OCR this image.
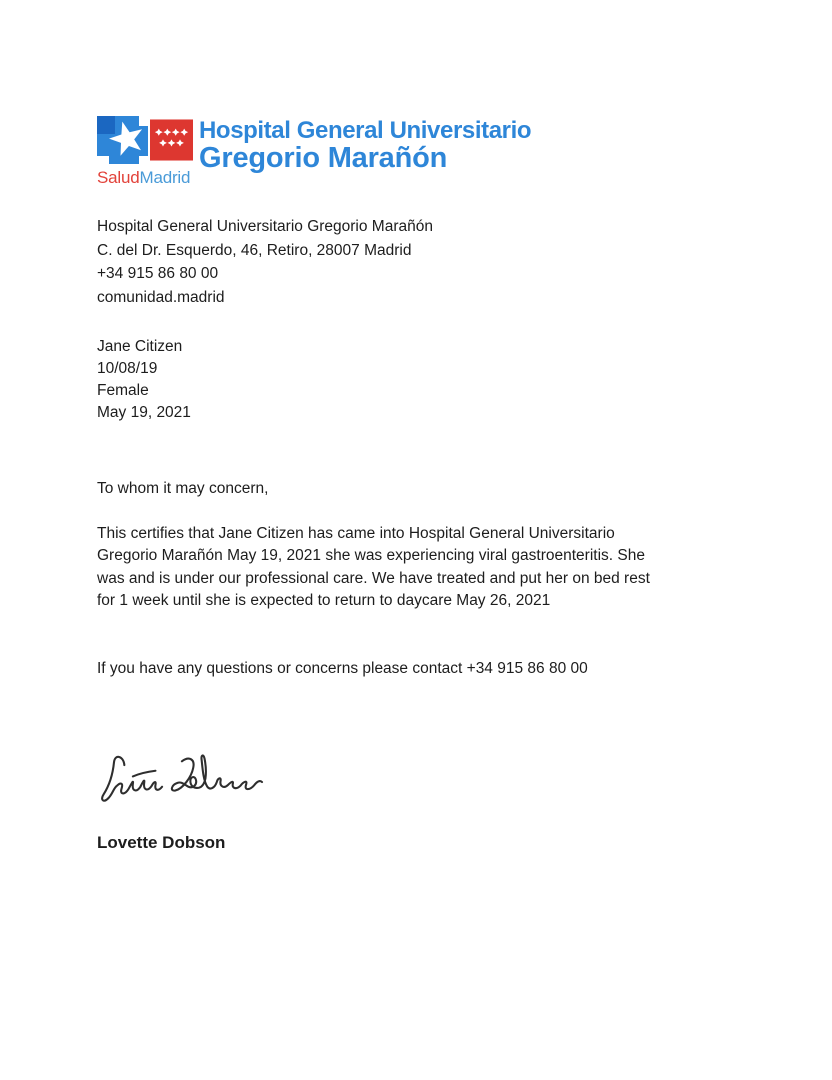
SaludMadrid
Hospital General Universitario
Gregorio Marañón
Hospital General Universitario Gregorio Marañón
C. del Dr. Esquerdo, 46, Retiro, 28007 Madrid
+34 915 86 80 00
comunidad.madrid
Jane Citizen
10/08/19
Female
May 19, 2021
To whom it may concern,
This certifies that Jane Citizen has came into Hospital General Universitario Gregorio Marañón May 19, 2021 she was experiencing viral gastroenteritis. She was and is under our professional care. We have treated and put her on bed rest for 1 week until she is expected to return to daycare May 26, 2021
If you have any questions or concerns please contact +34 915 86 80 00
Lovette Dobson
